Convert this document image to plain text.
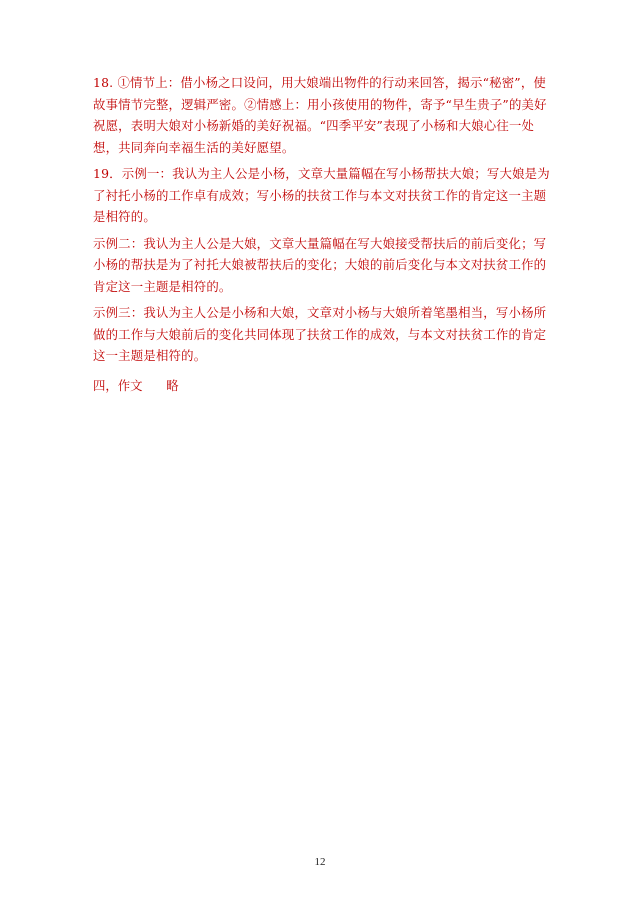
18. ①情节上：借小杨之口设问，用大娘端出物件的行动来回答，揭示“秘密”，使故事情节完整，逻辑严密。②情感上：用小孩使用的物件，寄予“早生贵子”的美好祝愿，表明大娘对小杨新婚的美好祝福。“四季平安”表现了小杨和大娘心往一处想，共同奔向幸福生活的美好愿望。

19．示例一：我认为主人公是小杨，文章大量篇幅在写小杨帮扶大娘；写大娘是为了衬托小杨的工作卓有成效；写小杨的扶贫工作与本文对扶贫工作的肯定这一主题是相符的。

示例二：我认为主人公是大娘，文章大量篇幅在写大娘接受帮扶后的前后变化；写小杨的帮扶是为了衬托大娘被帮扶后的变化；大娘的前后变化与本文对扶贫工作的肯定这一主题是相符的。

示例三：我认为主人公是小杨和大娘，文章对小杨与大娘所着笔墨相当，写小杨所做的工作与大娘前后的变化共同体现了扶贫工作的成效，与本文对扶贫工作的肯定这一主题是相符的。

四，作文 略

12
